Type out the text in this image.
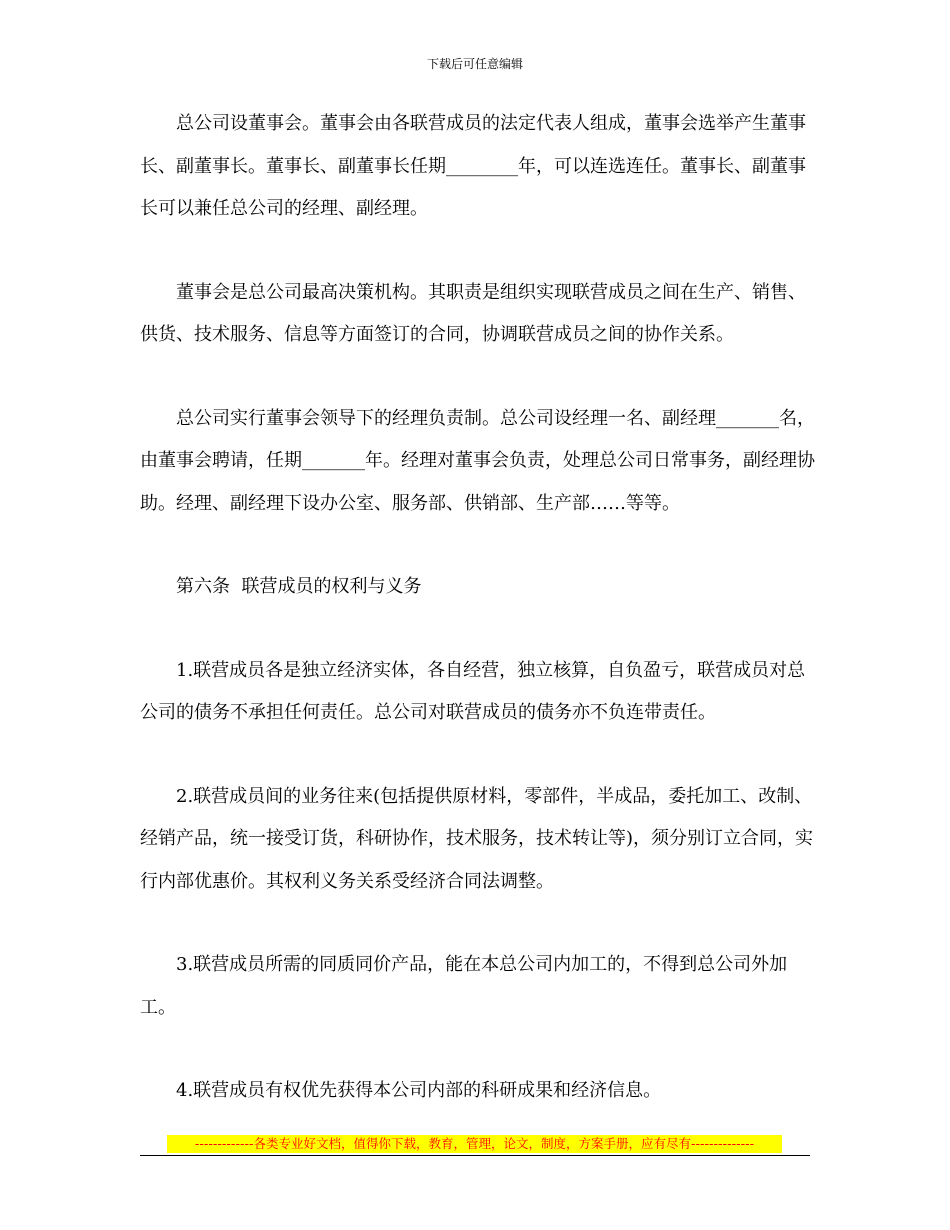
下载后可任意编辑

总公司设董事会。董事会由各联营成员的法定代表人组成，董事会选举产生董事长、副董事长。董事长、副董事长任期________年，可以连选连任。董事长、副董事长可以兼任总公司的经理、副经理。

董事会是总公司最高决策机构。其职责是组织实现联营成员之间在生产、销售、供货、技术服务、信息等方面签订的合同，协调联营成员之间的协作关系。

总公司实行董事会领导下的经理负责制。总公司设经理一名、副经理_______名，由董事会聘请，任期_______年。经理对董事会负责，处理总公司日常事务，副经理协助。经理、副经理下设办公室、服务部、供销部、生产部……等等。

第六条  联营成员的权利与义务

1.联营成员各是独立经济实体，各自经营，独立核算，自负盈亏，联营成员对总公司的债务不承担任何责任。总公司对联营成员的债务亦不负连带责任。

2.联营成员间的业务往来(包括提供原材料，零部件，半成品，委托加工、改制、经销产品，统一接受订货，科研协作，技术服务，技术转让等)，须分别订立合同，实行内部优惠价。其权利义务关系受经济合同法调整。

3.联营成员所需的同质同价产品，能在本总公司内加工的，不得到总公司外加工。

4.联营成员有权优先获得本公司内部的科研成果和经济信息。

-------------各类专业好文档，值得你下载，教育，管理，论文，制度，方案手册，应有尽有--------------
